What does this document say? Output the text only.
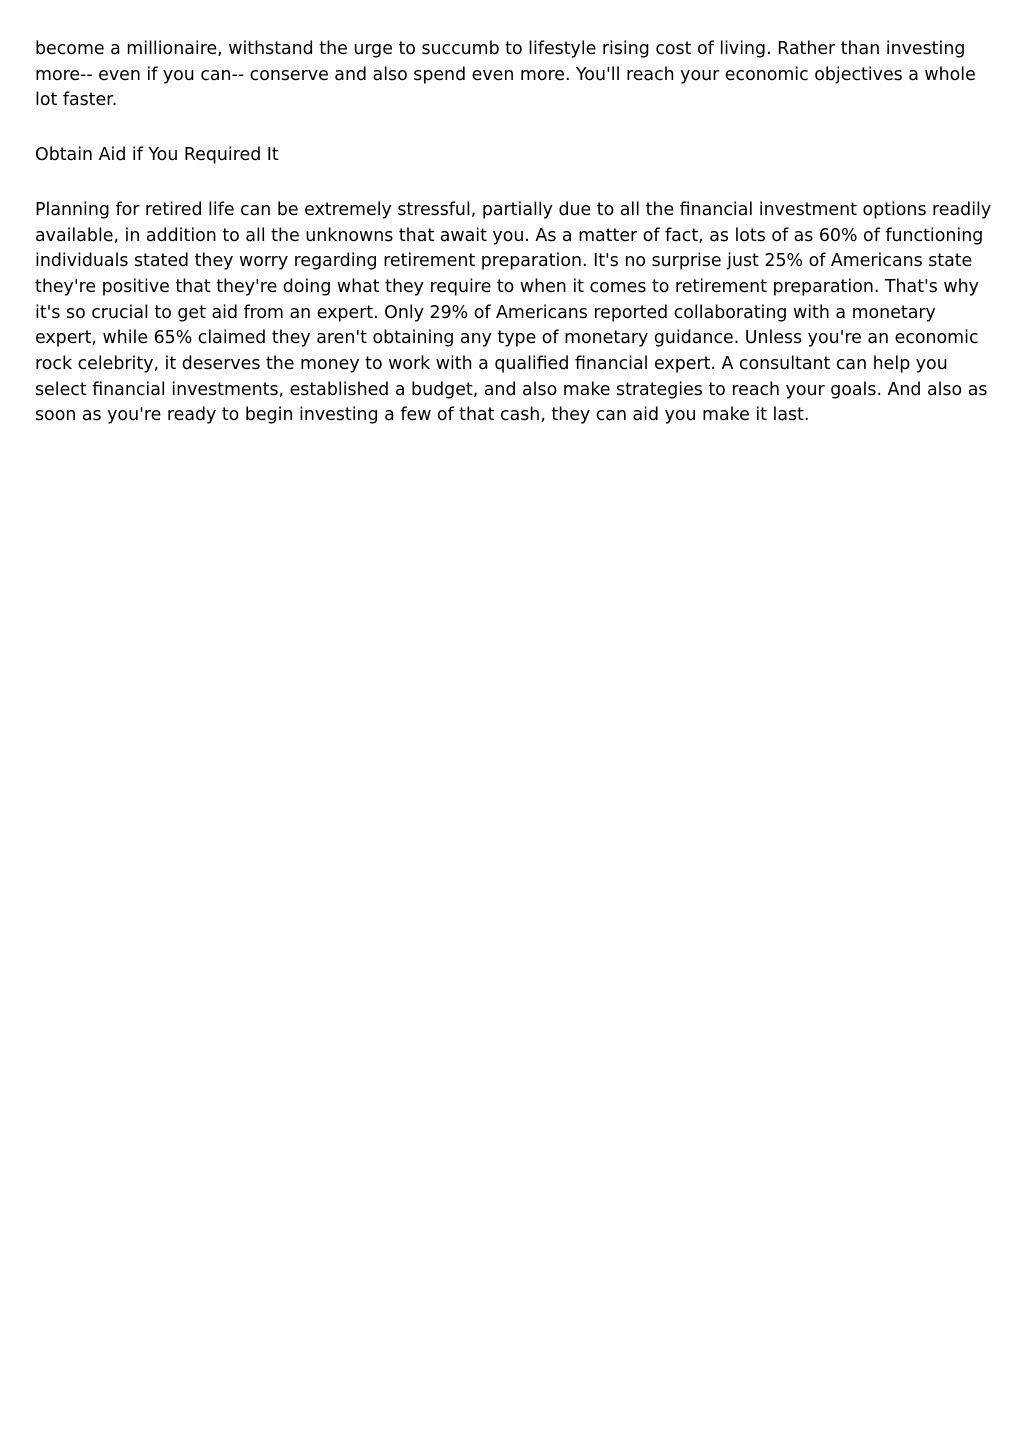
become a millionaire, withstand the urge to succumb to lifestyle rising cost of living. Rather than investing more-- even if you can-- conserve and also spend even more. You'll reach your economic objectives a whole lot faster.

Obtain Aid if You Required It

Planning for retired life can be extremely stressful, partially due to all the financial investment options readily available, in addition to all the unknowns that await you. As a matter of fact, as lots of as 60% of functioning individuals stated they worry regarding retirement preparation. It's no surprise just 25% of Americans state they're positive that they're doing what they require to when it comes to retirement preparation. That's why it's so crucial to get aid from an expert. Only 29% of Americans reported collaborating with a monetary expert, while 65% claimed they aren't obtaining any type of monetary guidance. Unless you're an economic rock celebrity, it deserves the money to work with a qualified financial expert. A consultant can help you select financial investments, established a budget, and also make strategies to reach your goals. And also as soon as you're ready to begin investing a few of that cash, they can aid you make it last.
